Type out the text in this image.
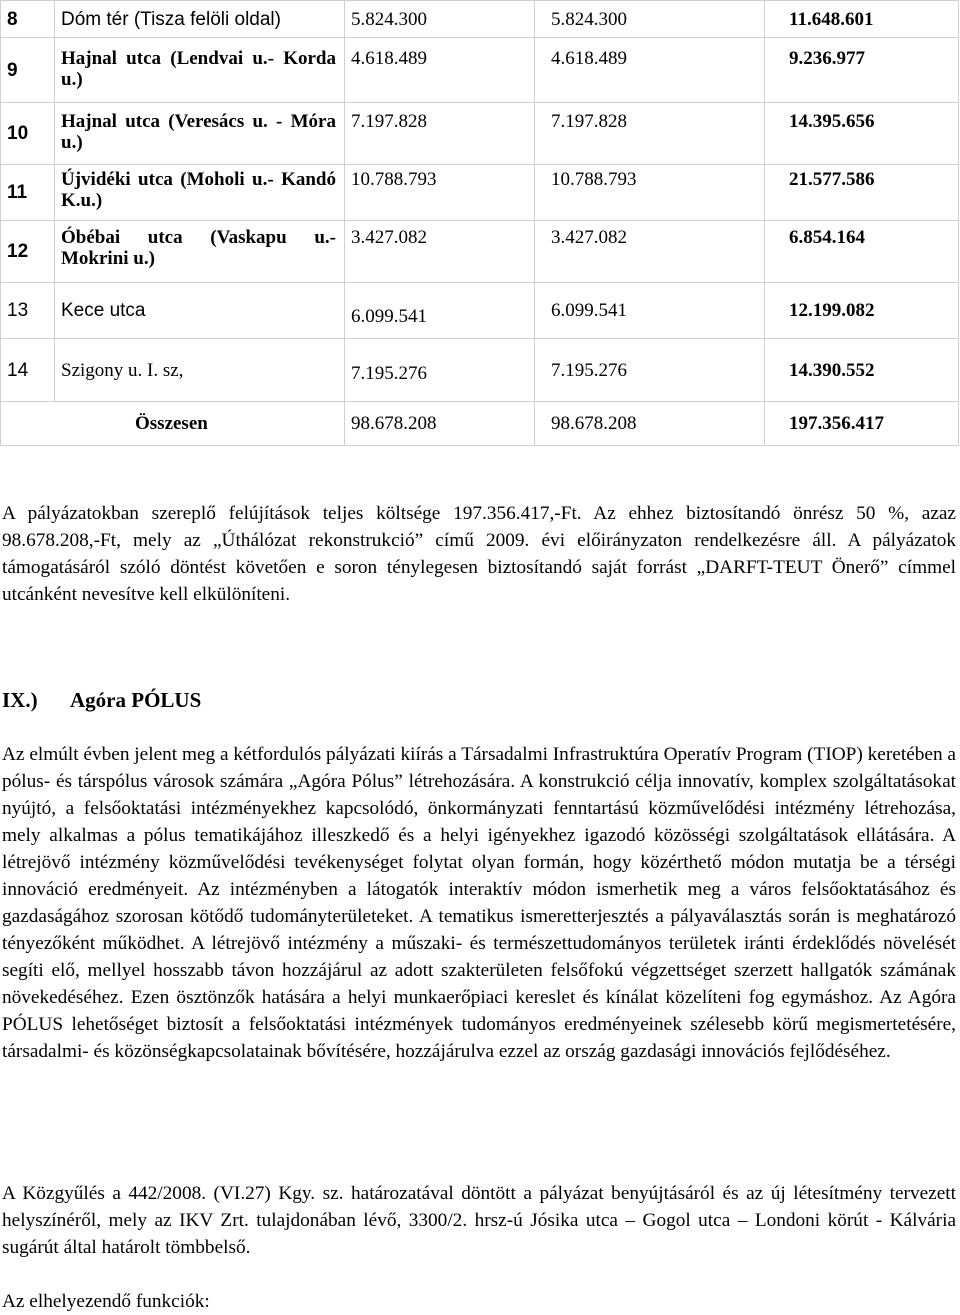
8	Dóm tér (Tisza felöli oldal)	5.824.300	5.824.300	11.648.601
9	Hajnal utca (Lendvai u.- Korda u.)	4.618.489	4.618.489	9.236.977
10	Hajnal utca (Veresács u. - Móra u.)	7.197.828	7.197.828	14.395.656
11	Újvidéki utca (Moholi u.- Kandó K.u.)	10.788.793	10.788.793	21.577.586
12	Óbébai utca (Vaskapu u.- Mokrini u.)	3.427.082	3.427.082	6.854.164
13	Kece utca	6.099.541	6.099.541	12.199.082
14	Szigony u. I. sz,	7.195.276	7.195.276	14.390.552
Összesen		98.678.208	98.678.208	197.356.417

A pályázatokban szereplő felújítások teljes költsége 197.356.417,-Ft. Az ehhez biztosítandó önrész 50 %, azaz 98.678.208,-Ft, mely az „Úthálózat rekonstrukció” című 2009. évi előirányzaton rendelkezésre áll. A pályázatok támogatásáról szóló döntést követően e soron ténylegesen biztosítandó saját forrást „DARFT-TEUT Önerő” címmel utcánként nevesítve kell elkülöníteni.

IX.) Agóra PÓLUS

Az elmúlt évben jelent meg a kétfordulós pályázati kiírás a Társadalmi Infrastruktúra Operatív Program (TIOP) keretében a pólus- és társpólus városok számára „Agóra Pólus” létrehozására. A konstrukció célja innovatív, komplex szolgáltatásokat nyújtó, a felsőoktatási intézményekhez kapcsolódó, önkormányzati fenntartású közművelődési intézmény létrehozása, mely alkalmas a pólus tematikájához illeszkedő és a helyi igényekhez igazodó közösségi szolgáltatások ellátására. A létrejövő intézmény közművelődési tevékenységet folytat olyan formán, hogy közérthető módon mutatja be a térségi innováció eredményeit. Az intézményben a látogatók interaktív módon ismerhetik meg a város felsőoktatásához és gazdaságához szorosan kötődő tudományterületeket. A tematikus ismeretterjesztés a pályaválasztás során is meghatározó tényezőként működhet. A létrejövő intézmény a műszaki- és természettudományos területek iránti érdeklődés növelését segíti elő, mellyel hosszabb távon hozzájárul az adott szakterületen felsőfokú végzettséget szerzett hallgatók számának növekedéséhez. Ezen ösztönzők hatására a helyi munkaerőpiaci kereslet és kínálat közelíteni fog egymáshoz. Az Agóra PÓLUS lehetőséget biztosít a felsőoktatási intézmények tudományos eredményeinek szélesebb körű megismertetésére, társadalmi- és közönségkapcsolatainak bővítésére, hozzájárulva ezzel az ország gazdasági innovációs fejlődéséhez.

A Közgyűlés a 442/2008. (VI.27) Kgy. sz. határozatával döntött a pályázat benyújtásáról és az új létesítmény tervezett helyszínéről, mely az IKV Zrt. tulajdonában lévő, 3300/2. hrsz-ú Jósika utca – Gogol utca – Londoni körút - Kálvária sugárút által határolt tömbbelső.

Az elhelyezendő funkciók:
